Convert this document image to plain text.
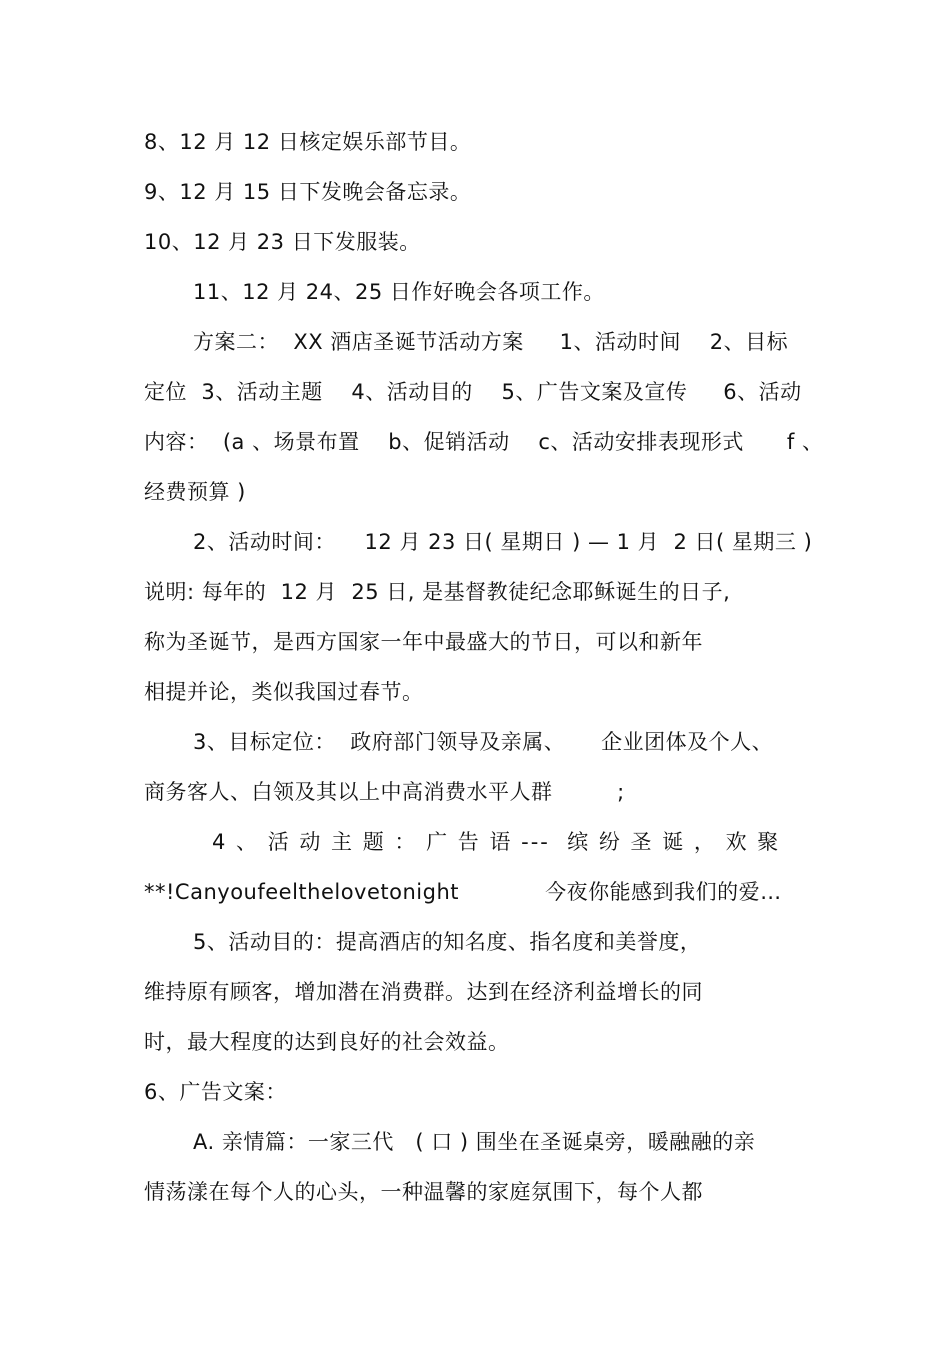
8、12 月 12 日核定娱乐部节目。
9、12 月 15 日下发晚会备忘录。
10、12 月 23 日下发服装。
11、12 月 24、25 日作好晚会各项工作。
方案二：  XX 酒店圣诞节活动方案     1、活动时间    2、目标
定位  3、活动主题    4、活动目的    5、广告文案及宣传     6、活动
内容：  (a 、场景布置    b、促销活动    c、活动安排表现形式      f 、
经费预算 )
2、活动时间：    12 月 23 日( 星期日 ) — 1 月  2 日( 星期三 )
说明: 每年的  12 月  25 日, 是基督教徒纪念耶稣诞生的日子,
称为圣诞节，是西方国家一年中最盛大的节日，可以和新年
相提并论，类似我国过春节。
3、目标定位：  政府部门领导及亲属、     企业团体及个人、
商务客人、白领及其以上中高消费水平人群         ;
4 、 活 动 主 题 ： 广 告 语 ---  缤 纷 圣 诞 ， 欢 聚
**!Canyoufeelthelovetonight            今夜你能感到我们的爱…
5、活动目的：提高酒店的知名度、指名度和美誉度，
维持原有顾客，增加潜在消费群。达到在经济利益增长的同
时，最大程度的达到良好的社会效益。
6、广告文案：
A. 亲情篇：一家三代   ( 口 ) 围坐在圣诞桌旁，暖融融的亲
情荡漾在每个人的心头，一种温馨的家庭氛围下，每个人都
